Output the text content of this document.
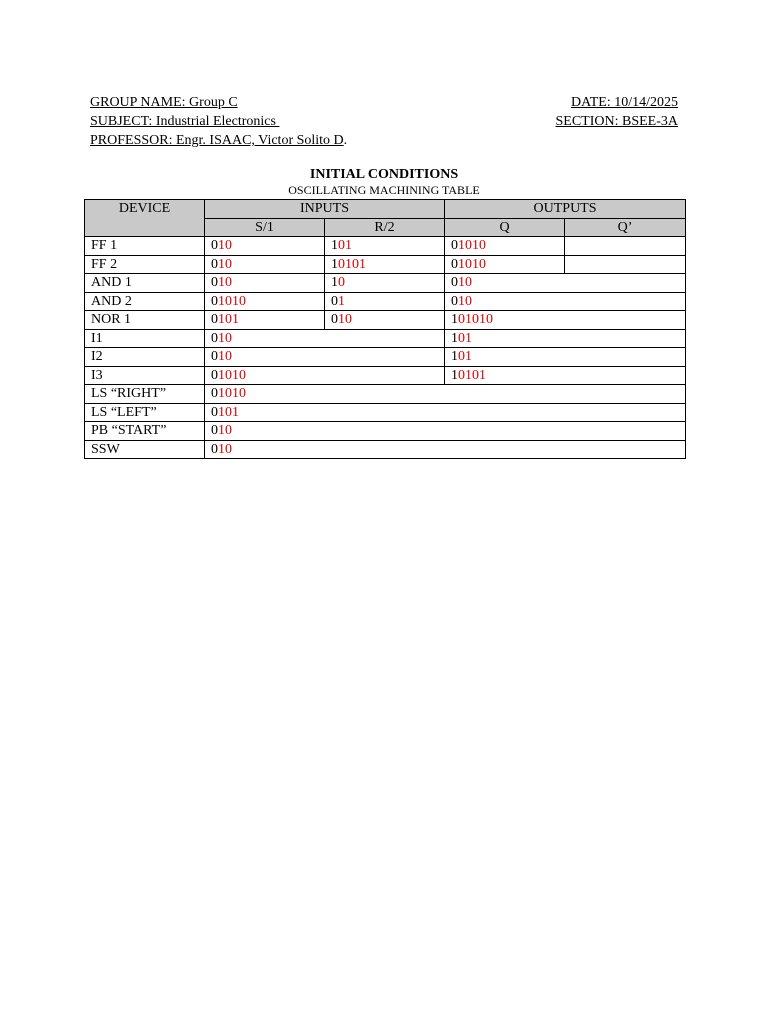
GROUP NAME: Group C
SUBJECT: Industrial Electronics
PROFESSOR: Engr. ISAAC, Victor Solito D.
DATE: 10/14/2025
SECTION: BSEE-3A
INITIAL CONDITIONS
OSCILLATING MACHINING TABLE
DEVICE	INPUTS		OUTPUTS	
	S/1	R/2	Q	Q’
FF 1	010	101	01010	
FF 2	010	10101	01010	
AND 1	010	10	010	
AND 2	01010	01	010	
NOR 1	0101	010	101010	
I1	010		101	
I2	010		101	
I3	01010		10101	
LS “RIGHT”	01010			
LS “LEFT”	0101			
PB “START”	010			
SSW	010			
